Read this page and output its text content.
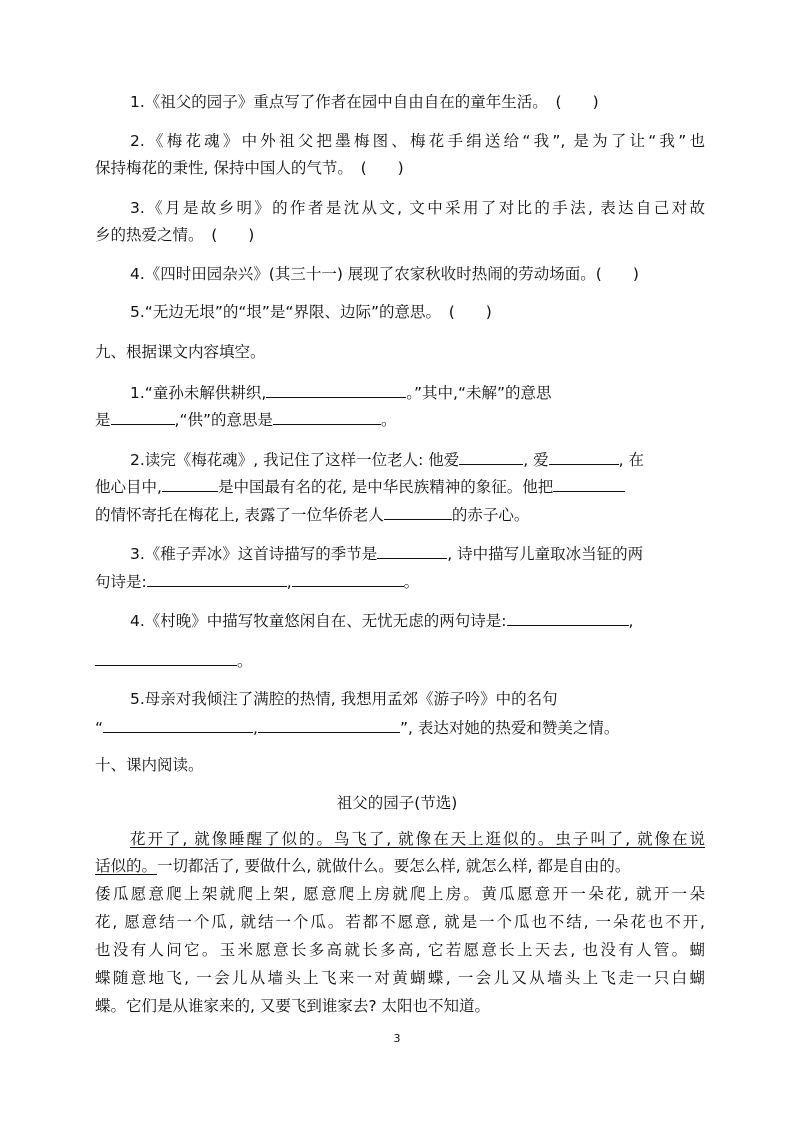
1.《祖父的园子》重点写了作者在园中自由自在的童年生活。　(　　)
2.《梅花魂》中外祖父把墨梅图、梅花手绢送给“我”, 是为了让“我”也
保持梅花的秉性, 保持中国人的气节。　(　　)
3.《月是故乡明》的作者是沈从文, 文中采用了对比的手法, 表达自己对故
乡的热爱之情。　(　　)
4.《四时田园杂兴》(其三十一) 展现了农家秋收时热闹的劳动场面。(　　)
5.“无边无垠”的“垠”是“界限、边际”的意思。　(　　)
九、根据课文内容填空。
1.“童孙未解供耕织,	。”其中,“未解”的意思
是	,“供”的意思是	。
2.读完《梅花魂》, 我记住了这样一位老人: 他爱	, 爱	, 在
他心目中,	是中国最有名的花, 是中华民族精神的象征。他把
的情怀寄托在梅花上, 表露了一位华侨老人	的赤子心。
3.《稚子弄冰》这首诗描写的季节是	, 诗中描写儿童取冰当钲的两
句诗是:	,	。
4.《村晚》中描写牧童悠闲自在、无忧无虑的两句诗是:	,
。
5.母亲对我倾注了满腔的热情, 我想用孟郊《游子吟》中的名句
“	,	”, 表达对她的热爱和赞美之情。
十、课内阅读。
祖父的园子(节选)
花开了, 就像睡醒了似的。鸟飞了, 就像在天上逛似的。虫子叫了, 就像在说
话似的。一切都活了, 要做什么, 就做什么。要怎么样, 就怎么样, 都是自由的。
倭瓜愿意爬上架就爬上架, 愿意爬上房就爬上房。黄瓜愿意开一朵花, 就开一朵
花, 愿意结一个瓜, 就结一个瓜。若都不愿意, 就是一个瓜也不结, 一朵花也不开,
也没有人问它。玉米愿意长多高就长多高, 它若愿意长上天去, 也没有人管。蝴
蝶随意地飞, 一会儿从墙头上飞来一对黄蝴蝶, 一会儿又从墙头上飞走一只白蝴
蝶。它们是从谁家来的, 又要飞到谁家去? 太阳也不知道。
3
